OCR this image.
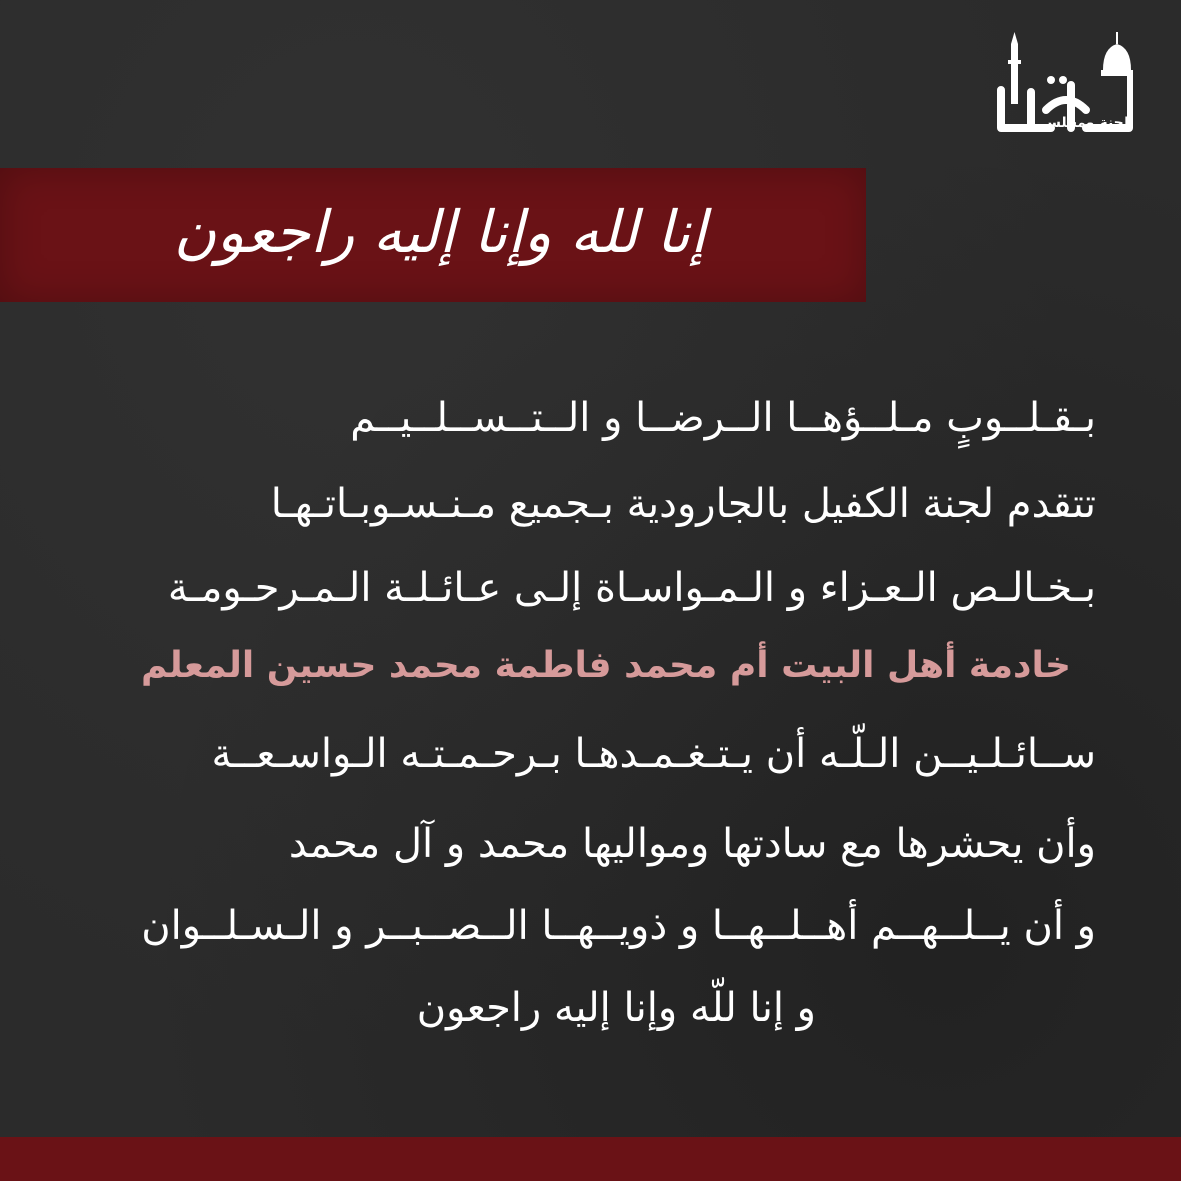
لجنة ومجلس
إنا لله وإنا إليه راجعون
بـقـلــوبٍ مـلــؤهــا الــرضــا و الــتــســلــيــم
تتقدم لجنة الكفيل بالجارودية بـجميع مـنـسـوبـاتـهـا
بـخـالـص الـعـزاء و الـمـواسـاة إلـى عـائـلـة الـمـرحـومـة
خادمة أهل البيت أم محمد فاطمة محمد حسين المعلم
ســائـلـيــن الـلّـه أن يـتـغـمـدهـا بـرحـمـتـه الـواسـعــة
وأن يحشرها مع سادتها ومواليها محمد و آل محمد
و أن يــلــهــم أهــلــهــا و ذويــهــا الــصــبــر و الـسـلــوان
و إنا للّه وإنا إليه راجعون
